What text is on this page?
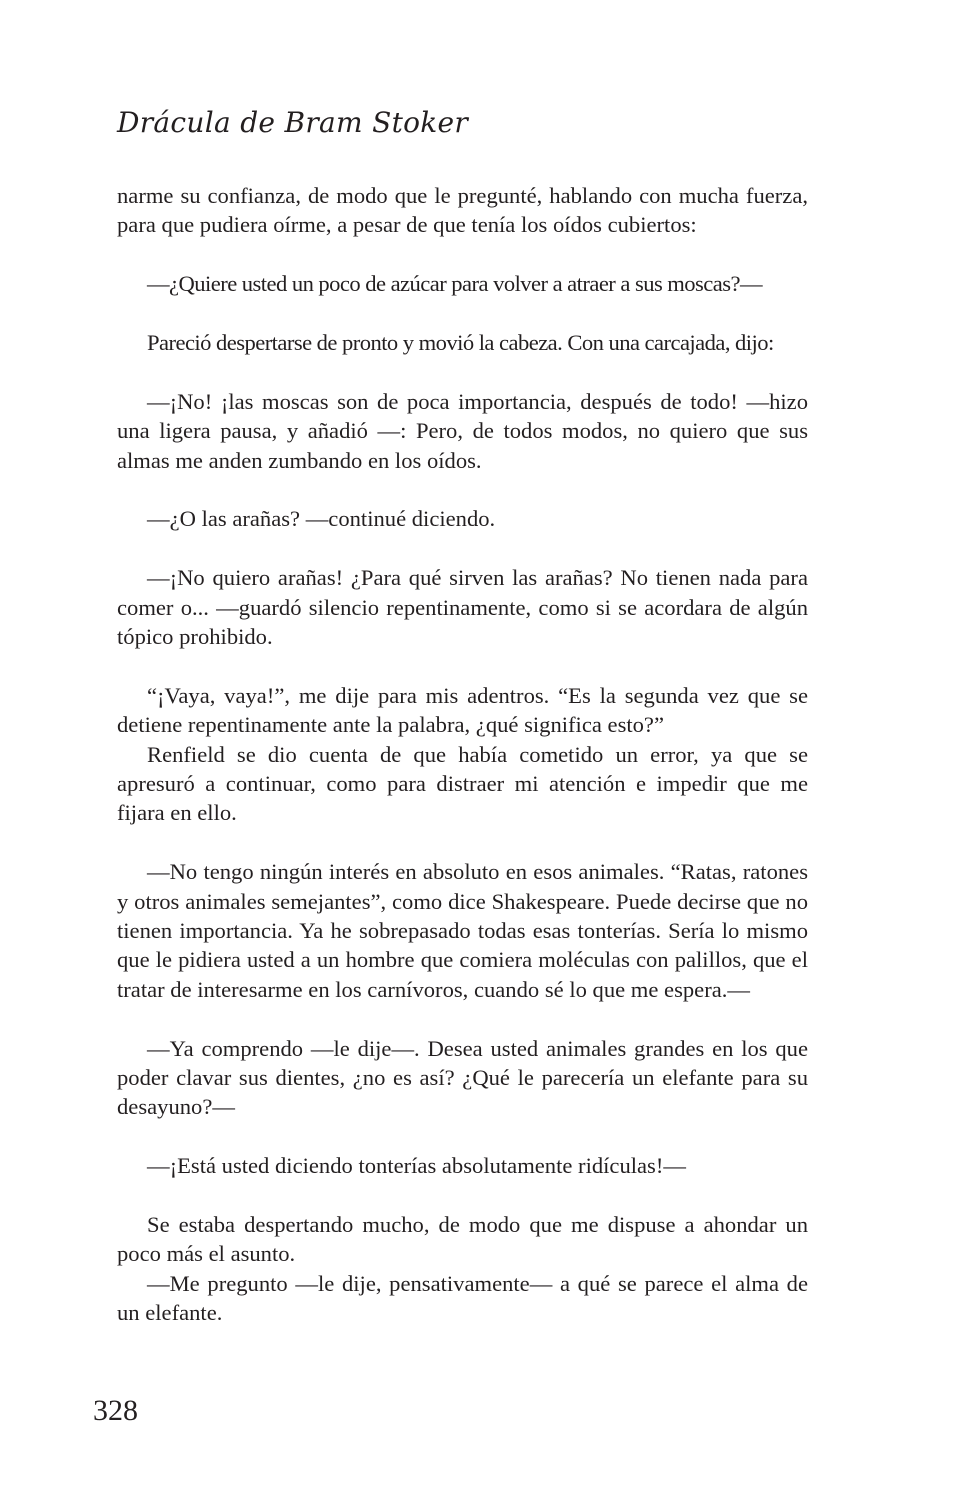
Drácula de Bram Stoker

narme su confianza, de modo que le pregunté, hablando con mucha fuerza, para que pudiera oírme, a pesar de que tenía los oídos cubiertos:

—¿Quiere usted un poco de azúcar para volver a atraer a sus moscas?—

Pareció despertarse de pronto y movió la cabeza. Con una carcajada, dijo:

—¡No! ¡las moscas son de poca importancia, después de todo! —hizo una ligera pausa, y añadió —: Pero, de todos modos, no quiero que sus almas me anden zumbando en los oídos.

—¿O las arañas? —continué diciendo.

—¡No quiero arañas! ¿Para qué sirven las arañas? No tienen nada para comer o... —guardó silencio repentinamente, como si se acordara de algún tópico prohibido.

“¡Vaya, vaya!”, me dije para mis adentros. “Es la segunda vez que se detiene repentinamente ante la palabra, ¿qué significa esto?”

Renfield se dio cuenta de que había cometido un error, ya que se apresuró a continuar, como para distraer mi atención e impedir que me fijara en ello.

—No tengo ningún interés en absoluto en esos animales. “Ratas, ratones y otros animales semejantes”, como dice Shakespeare. Puede decirse que no tienen importancia. Ya he sobrepasado todas esas tonterías. Sería lo mismo que le pidiera usted a un hombre que comiera moléculas con palillos, que el tratar de interesarme en los carnívoros, cuando sé lo que me espera.—

—Ya comprendo —le dije—. Desea usted animales grandes en los que poder clavar sus dientes, ¿no es así? ¿Qué le parecería un elefante para su desayuno?—

—¡Está usted diciendo tonterías absolutamente ridículas!—

Se estaba despertando mucho, de modo que me dispuse a ahondar un poco más el asunto.

—Me pregunto —le dije, pensativamente— a qué se parece el alma de un elefante.

328
